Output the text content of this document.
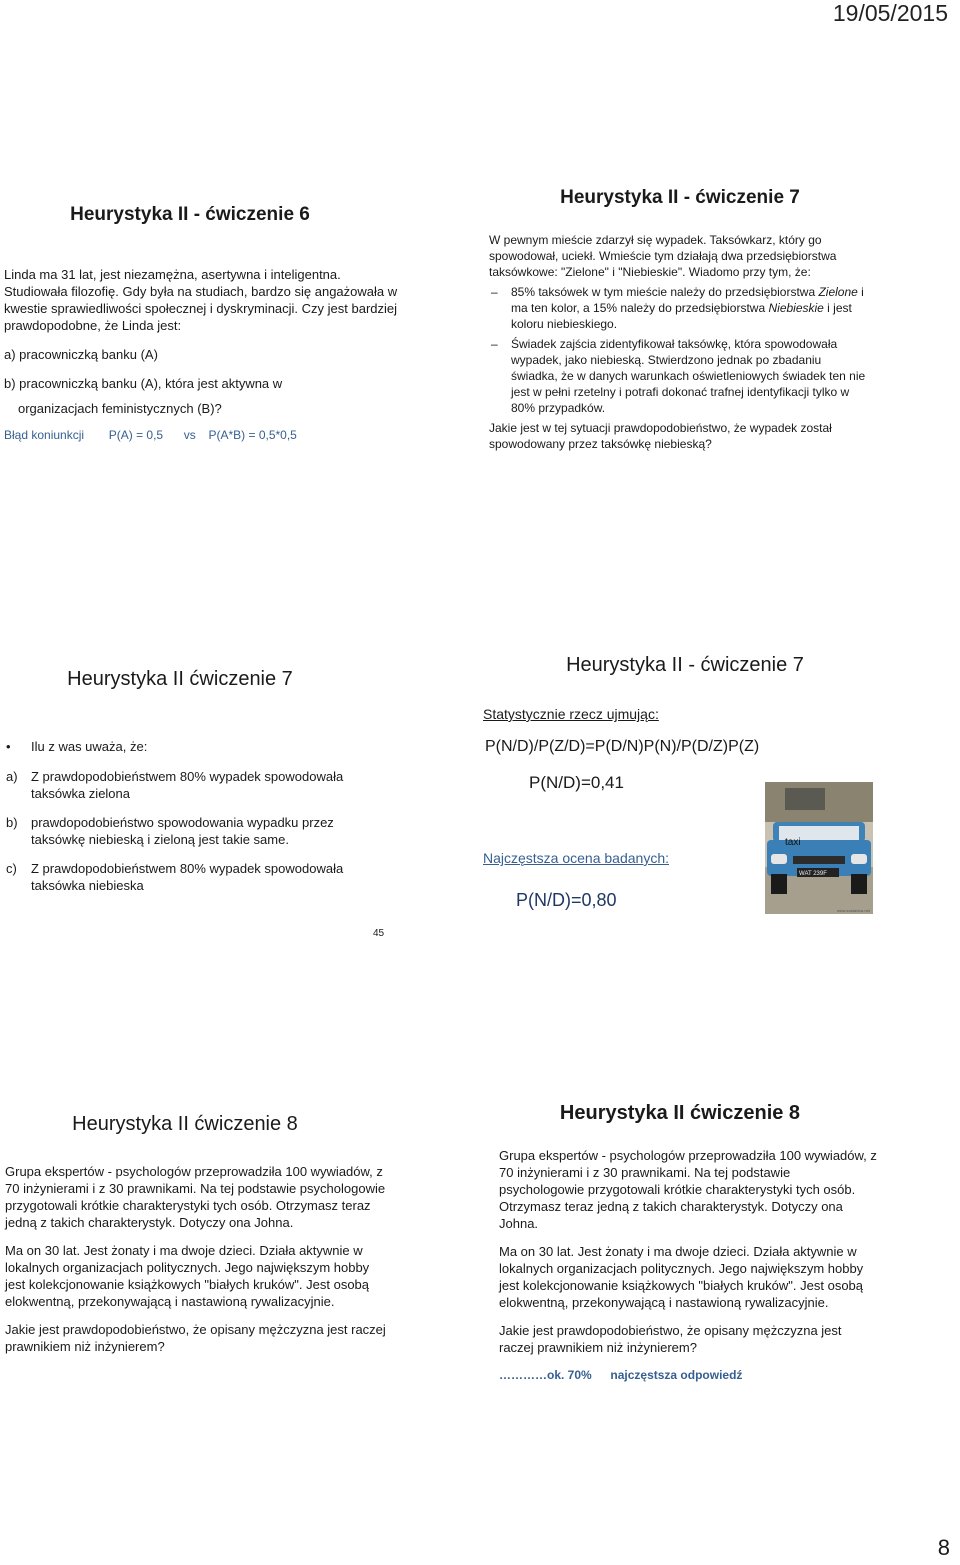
19/05/2015
Heurystyka II - ćwiczenie 6

Linda ma 31 lat, jest niezamężna, asertywna i inteligentna. Studiowała filozofię. Gdy była na studiach, bardzo się angażowała w kwestie sprawiedliwości społecznej i dyskryminacji. Czy jest bardziej prawdopodobne, że Linda jest:

a) pracowniczką banku (A)

b) pracowniczką banku (A), która jest aktywna w

organizacjach feministycznych (B)?

Błąd koniunkcji P(A) = 0,5 vs P(A*B) = 0,5*0,5
Heurystyka II - ćwiczenie 7

W pewnym mieście zdarzył się wypadek. Taksówkarz, który go spowodował, uciekł. Wmieście tym działają dwa przedsiębiorstwa taksówkowe: "Zielone" i "Niebieskie". Wiadomo przy tym, że:

– 85% taksówek w tym mieście należy do przedsiębiorstwa Zielone i ma ten kolor, a 15% należy do przedsiębiorstwa Niebieskie i jest koloru niebieskiego.

– Świadek zajścia zidentyfikował taksówkę, która spowodowała wypadek, jako niebieską. Stwierdzono jednak po zbadaniu świadka, że w danych warunkach oświetleniowych świadek ten nie jest w pełni rzetelny i potrafi dokonać trafnej identyfikacji tylko w 80% przypadków.

Jakie jest w tej sytuacji prawdopodobieństwo, że wypadek został spowodowany przez taksówkę niebieską?

Heurystyka II ćwiczenie 7

• Ilu z was uważa, że:

a) Z prawdopodobieństwem 80% wypadek spowodowała taksówka zielona

b) prawdopodobieństwo spowodowania wypadku przez taksówkę niebieską i zieloną jest takie same.

c) Z prawdopodobieństwem 80% wypadek spowodowała taksówka niebieska

45
Heurystyka II - ćwiczenie 7
Statystycznie rzecz ujmując:
P(N/D)/P(Z/D)=P(D/N)P(N)/P(D/Z)P(Z)
P(N/D)=0,41
Najczęstsza ocena badanych:
P(N/D)=0,80
taxi
WAT 239F
www.zastavica.net
Heurystyka II ćwiczenie 8

Grupa ekspertów - psychologów przeprowadziła 100 wywiadów, z 70 inżynierami i z 30 prawnikami. Na tej podstawie psychologowie przygotowali krótkie charakterystyki tych osób. Otrzymasz teraz jedną z takich charakterystyk. Dotyczy ona Johna.

Ma on 30 lat. Jest żonaty i ma dwoje dzieci. Działa aktywnie w lokalnych organizacjach politycznych. Jego największym hobby jest kolekcjonowanie książkowych "białych kruków". Jest osobą elokwentną, przekonywającą i nastawioną rywalizacyjnie.

Jakie jest prawdopodobieństwo, że opisany mężczyzna jest raczej prawnikiem niż inżynierem?

Heurystyka II ćwiczenie 8

Grupa ekspertów - psychologów przeprowadziła 100 wywiadów, z 70 inżynierami i z 30 prawnikami. Na tej podstawie psychologowie przygotowali krótkie charakterystyki tych osób. Otrzymasz teraz jedną z takich charakterystyk. Dotyczy ona Johna.

Ma on 30 lat. Jest żonaty i ma dwoje dzieci. Działa aktywnie w lokalnych organizacjach politycznych. Jego największym hobby jest kolekcjonowanie książkowych "białych kruków". Jest osobą elokwentną, przekonywającą i nastawioną rywalizacyjnie.

Jakie jest prawdopodobieństwo, że opisany mężczyzna jest raczej prawnikiem niż inżynierem?

…………ok. 70% najczęstsza odpowiedź

8
